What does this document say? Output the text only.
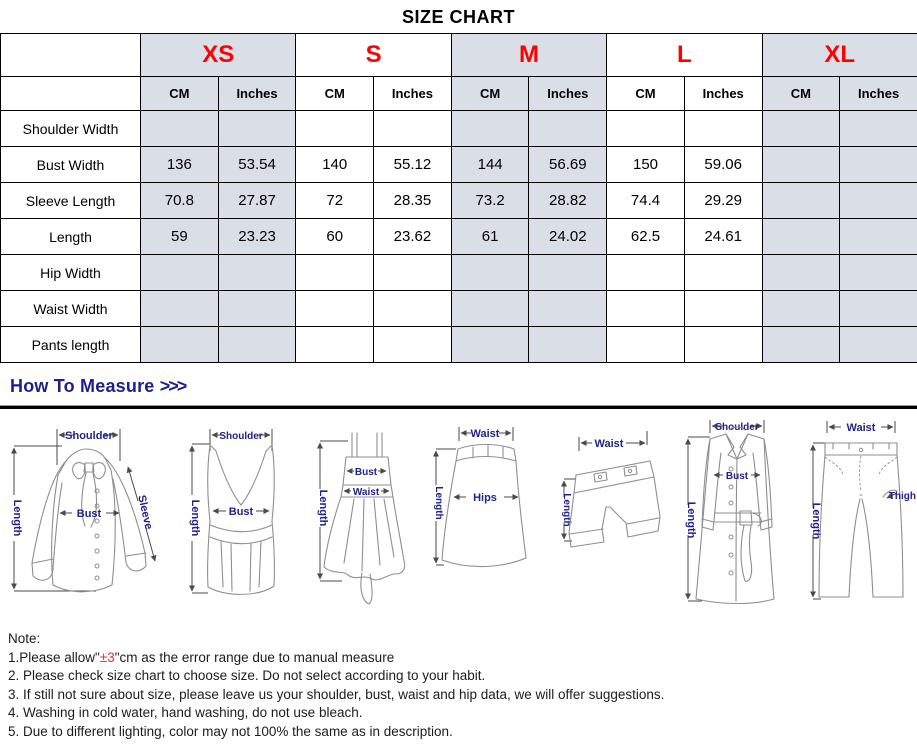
SIZE CHART
	XS		S		M		L		XL	
	CM	Inches	CM	Inches	CM	Inches	CM	Inches	CM	Inches
Shoulder Width										
Bust Width	136	53.54	140	55.12	144	56.69	150	59.06		
Sleeve Length	70.8	27.87	72	28.35	73.2	28.82	74.4	29.29		
Length	59	23.23	60	23.62	61	24.02	62.5	24.61		
Hip Width										
Waist Width										
Pants length										
How To Measure >>>
Shoulder
Length	Bust	Sleeve
Shoulder
Length	Bust	Length
Bust
Waist
Waist
Length	Hips
Waist
Length
Shoulder
Length
Bust
Waist
Length
Thigh
Note:
1.Please allow"±3"cm as the error range due to manual measure
2. Please check size chart to choose size. Do not select according to your habit.
3. If still not sure about size, please leave us your shoulder, bust, waist and hip data, we will offer suggestions.
4. Washing in cold water, hand washing, do not use bleach.
5. Due to different lighting, color may not 100% the same as in description.
